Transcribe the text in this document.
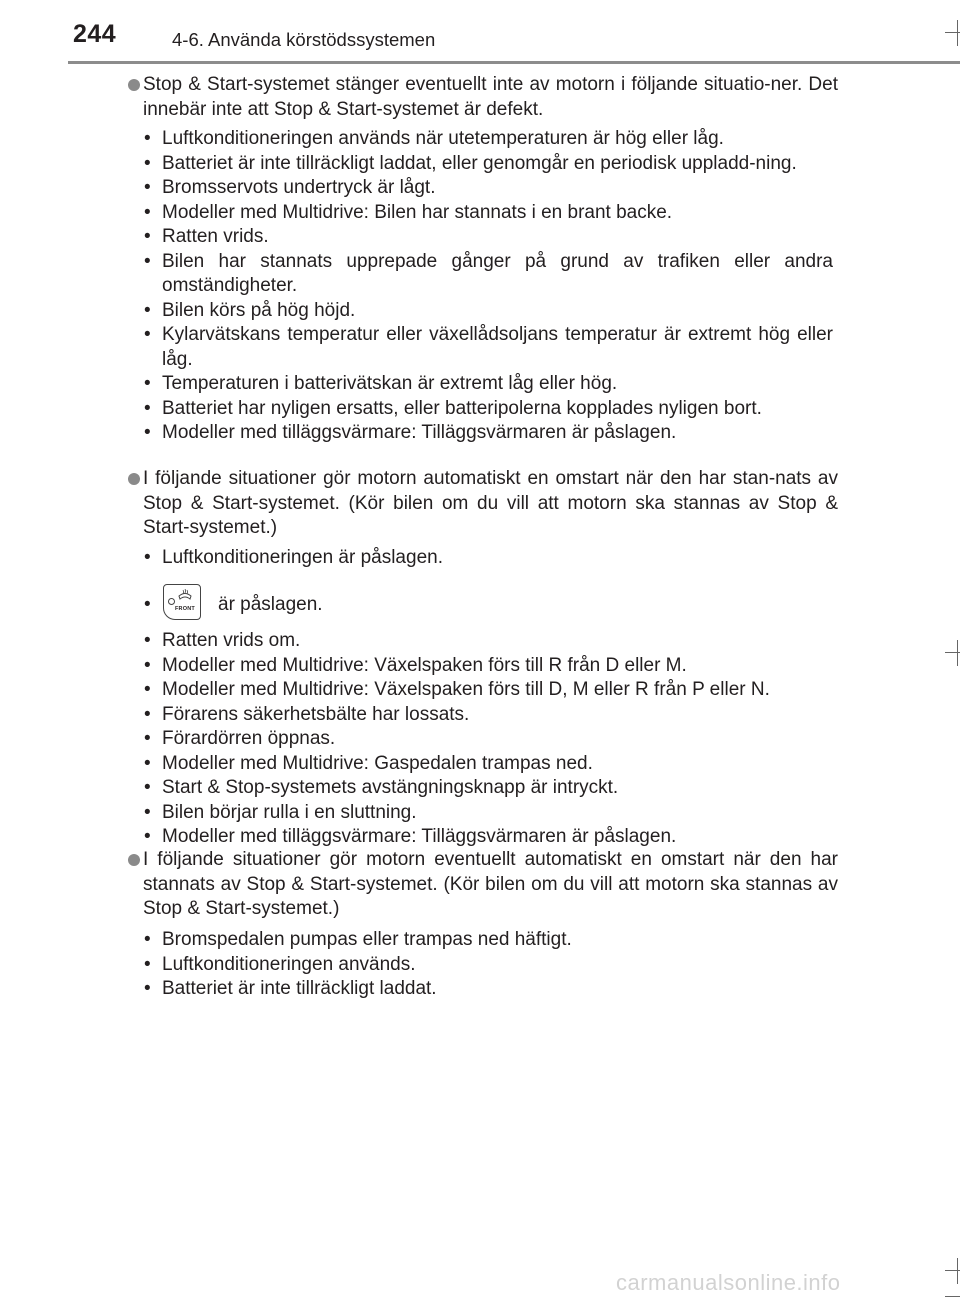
244	4-6. Använda körstödssystemen
Stop & Start-systemet stänger eventuellt inte av motorn i följande situatio-ner. Det innebär inte att Stop & Start-systemet är defekt.
• Luftkonditioneringen används när utetemperaturen är hög eller låg.
• Batteriet är inte tillräckligt laddat, eller genomgår en periodisk uppladd-ning.
• Bromsservots undertryck är lågt.
• Modeller med Multidrive: Bilen har stannats i en brant backe.
• Ratten vrids.
• Bilen har stannats upprepade gånger på grund av trafiken eller andra omständigheter.
• Bilen körs på hög höjd.
• Kylarvätskans temperatur eller växellådsoljans temperatur är extremt hög eller låg.
• Temperaturen i batterivätskan är extremt låg eller hög.
• Batteriet har nyligen ersatts, eller batteripolerna kopplades nyligen bort.
• Modeller med tilläggsvärmare: Tilläggsvärmaren är påslagen.
I följande situationer gör motorn automatiskt en omstart när den har stan-nats av Stop & Start-systemet. (Kör bilen om du vill att motorn ska stannas av Stop & Start-systemet.)
• Luftkonditioneringen är påslagen.
•	FRONT är påslagen.
• Ratten vrids om.
• Modeller med Multidrive: Växelspaken förs till R från D eller M.
• Modeller med Multidrive: Växelspaken förs till D, M eller R från P eller N.
• Förarens säkerhetsbälte har lossats.
• Förardörren öppnas.
• Modeller med Multidrive: Gaspedalen trampas ned.
• Start & Stop-systemets avstängningsknapp är intryckt.
• Bilen börjar rulla i en sluttning.
• Modeller med tilläggsvärmare: Tilläggsvärmaren är påslagen.
I följande situationer gör motorn eventuellt automatiskt en omstart när den har stannats av Stop & Start-systemet. (Kör bilen om du vill att motorn ska stannas av Stop & Start-systemet.)
• Bromspedalen pumpas eller trampas ned häftigt.
• Luftkonditioneringen används.
• Batteriet är inte tillräckligt laddat.
carmanualsonline.info
